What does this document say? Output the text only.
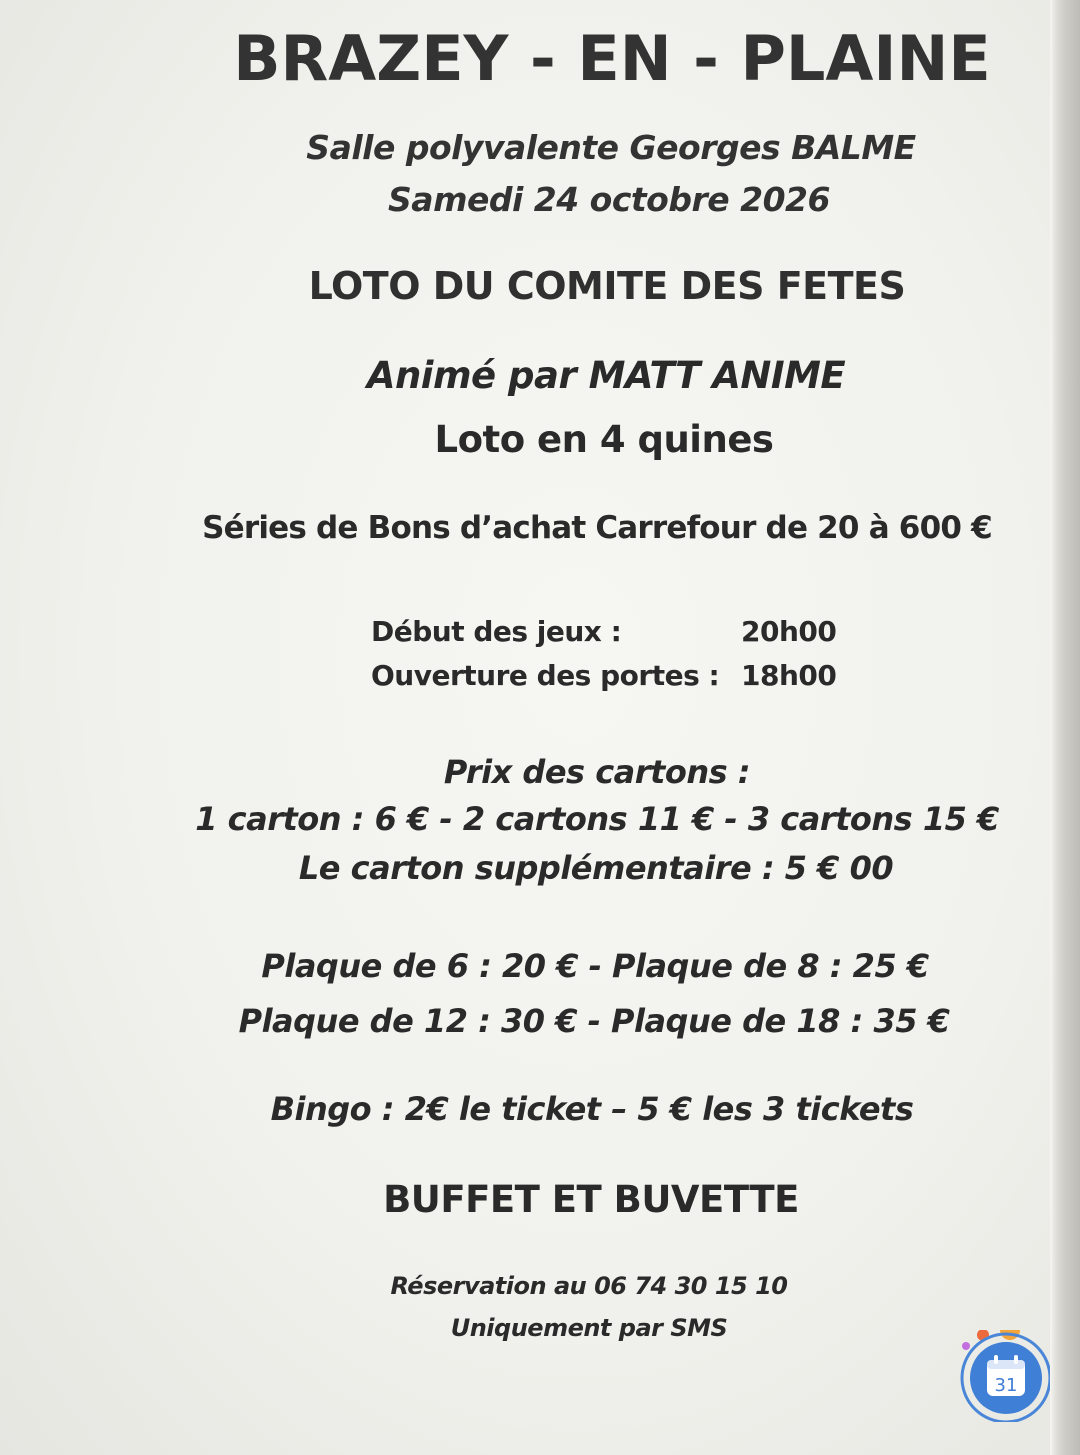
BRAZEY - EN - PLAINE
Salle polyvalente Georges BALME
Samedi 24 octobre 2026
LOTO DU COMITE DES FETES
Animé par MATT ANIME
Loto en 4 quines
Séries de Bons d’achat Carrefour de 20 à 600 €
Début des jeux :	20h00
Ouverture des portes : 18h00
Prix des cartons :
1 carton : 6 € - 2 cartons 11 € - 3 cartons 15 €
Le carton supplémentaire : 5 € 00
Plaque de 6 : 20 € - Plaque de 8 : 25 €
Plaque de 12 : 30 € - Plaque de 18 : 35 €
Bingo : 2€ le ticket – 5 € les 3 tickets
BUFFET ET BUVETTE
Réservation au 06 74 30 15 10
Uniquement par SMS
31
